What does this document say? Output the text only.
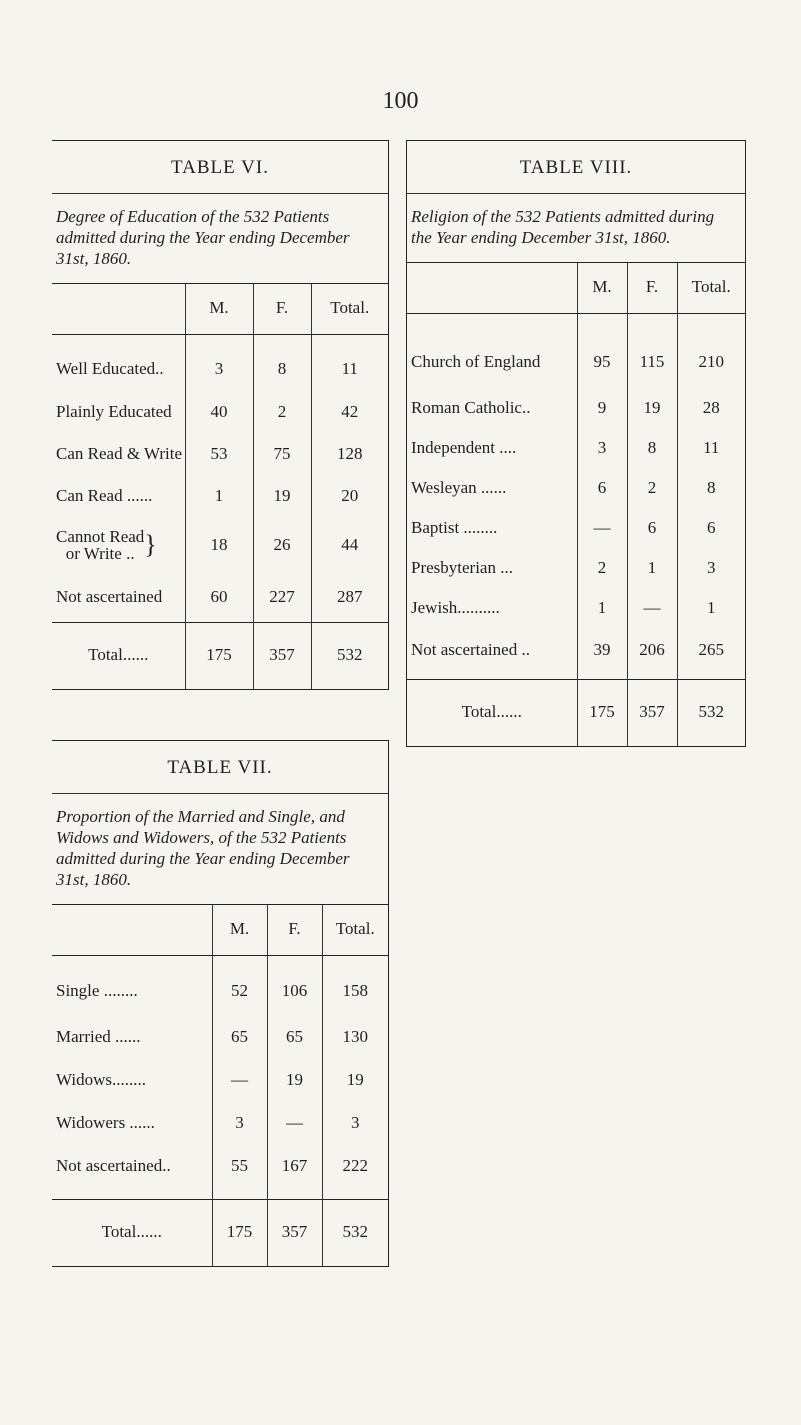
100
TABLE VI.
Degree of Education of the 532 Patients admitted during the Year ending December 31st, 1860.
	M.	F.	Total.
Well Educated..	3	8	11
Plainly Educated	40	2	42
Can Read & Write	53	75	128
Can Read ......	1	19	20
Cannot Read
or Write .. }	18	26	44
Not ascertained	60	227	287
Total......	175	357	532
TABLE VII.
Proportion of the Married and Single, and Widows and Widowers, of the 532 Patients admitted during the Year ending December 31st, 1860.
	M.	F.	Total.
Single ........	52	106	158
Married ......	65	65	130
Widows........	—	19	19
Widowers ......	3	—	3
Not ascertained..	55	167	222
Total......	175	357	532
TABLE VIII.
Religion of the 532 Patients admitted during the Year ending December 31st, 1860.
	M.	F.	Total.
Church of England	95	115	210
Roman Catholic..	9	19	28
Independent ....	3	8	11
Wesleyan ......	6	2	8
Baptist ........	—	6	6
Presbyterian ...	2	1	3
Jewish..........	1	—	1
Not ascertained ..	39	206	265
Total......	175	357	532
